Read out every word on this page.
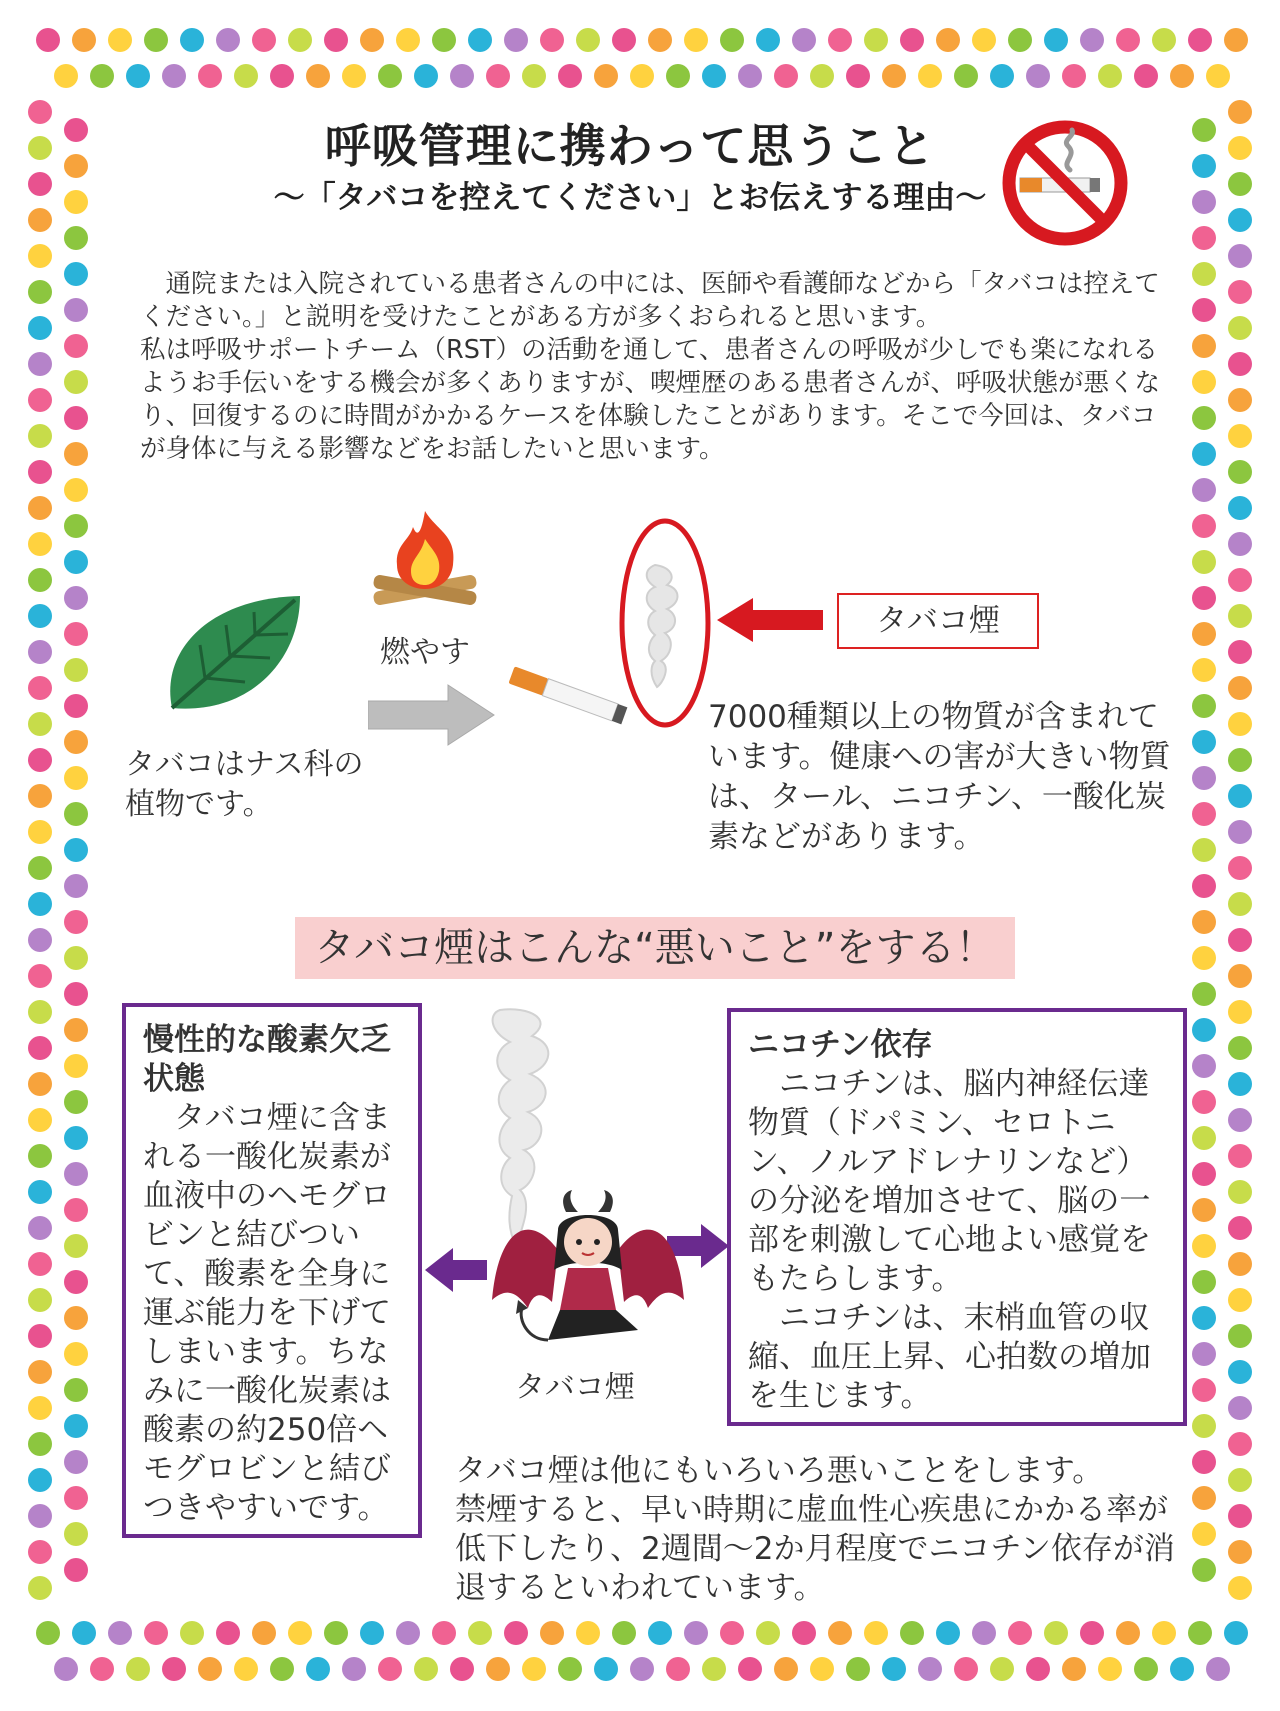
呼吸管理に携わって思うこと
～「タバコを控えてください」とお伝えする理由～

　通院または入院されている患者さんの中には、医師や看護師などから「タバコは控えてください。」と説明を受けたことがある方が多くおられると思います。

私は呼吸サポートチーム（RST）の活動を通して、患者さんの呼吸が少しでも楽になれるようお手伝いをする機会が多くありますが、喫煙歴のある患者さんが、呼吸状態が悪くなり、回復するのに時間がかかるケースを体験したことがあります。そこで今回は、タバコが身体に与える影響などをお話したいと思います。

タバコはナス科の植物です。
燃やす
タバコ煙
7000種類以上の物質が含まれています。健康への害が大きい物質は、タール、ニコチン、一酸化炭素などがあります。
タバコ煙はこんな“悪いこと”をする！
慢性的な酸素欠乏状態

　タバコ煙に含まれる一酸化炭素が血液中のヘモグロビンと結びついて、酸素を全身に運ぶ能力を下げてしまいます。ちなみに一酸化炭素は酸素の約250倍ヘモグロビンと結びつきやすいです。

ニコチン依存

　ニコチンは、脳内神経伝達物質（ドパミン、セロトニン、ノルアドレナリンなど）の分泌を増加させて、脳の一部を刺激して心地よい感覚をもたらします。

　ニコチンは、末梢血管の収縮、血圧上昇、心拍数の増加を生じます。

タバコ煙

タバコ煙は他にもいろいろ悪いことをします。

禁煙すると、早い時期に虚血性心疾患にかかる率が低下したり、2週間～2か月程度でニコチン依存が消退するといわれています。
